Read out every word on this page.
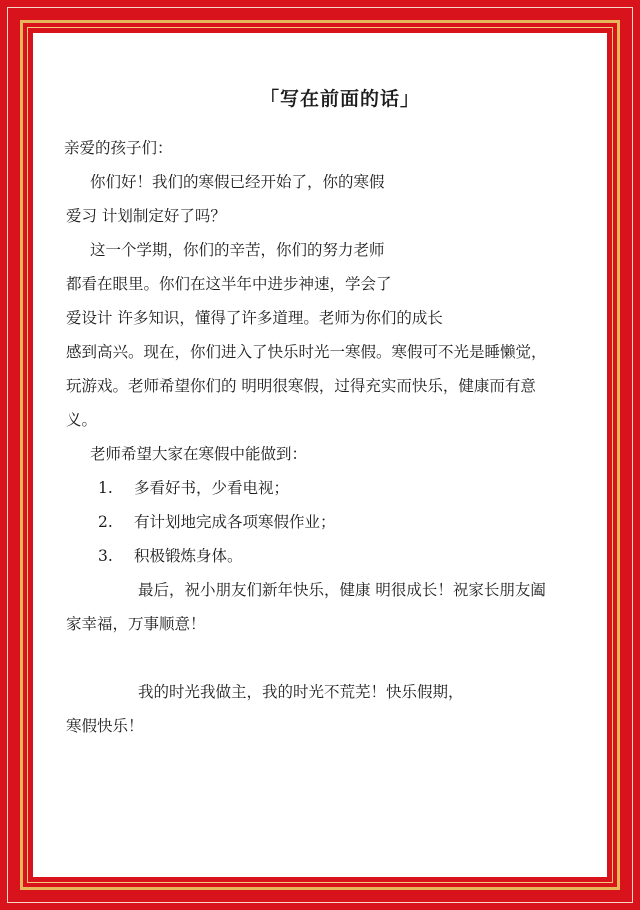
「写在前面的话」
亲爱的孩子们：
你们好！我们的寒假已经开始了，你的寒假
爱习 计划制定好了吗？
这一个学期，你们的辛苦，你们的努力老师
都看在眼里。你们在这半年中进步神速，学会了
爱设计 许多知识，懂得了许多道理。老师为你们的成长
感到高兴。现在，你们进入了快乐时光一寒假。寒假可不光是睡懒觉，
玩游戏。老师希望你们的 明明很寒假，过得充实而快乐，健康而有意
义。
老师希望大家在寒假中能做到：
1. 多看好书，少看电视；
2. 有计划地完成各项寒假作业；
3. 积极锻炼身体。
最后，祝小朋友们新年快乐，健康 明很成长！祝家长朋友阖
家幸福，万事顺意！
我的时光我做主，我的时光不荒芜！快乐假期，
寒假快乐！
